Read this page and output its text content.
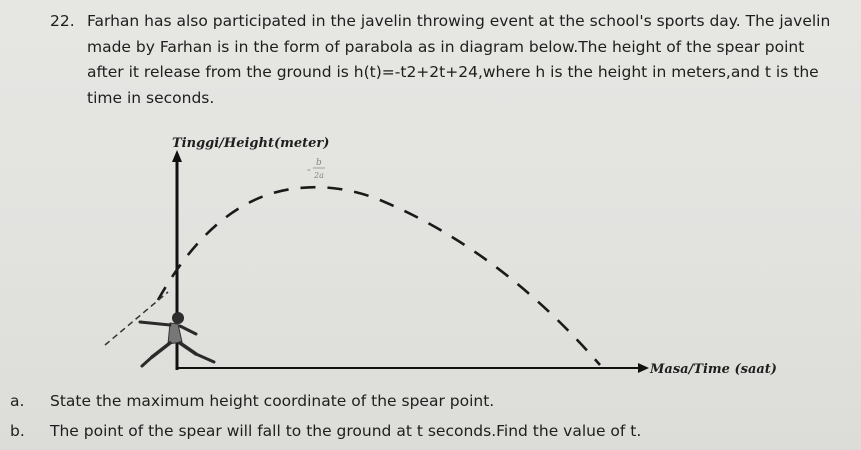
22. Farhan has also participated in the javelin throwing event at the school's sports day. The javelin
made by Farhan is in the form of parabola as in diagram below.The height of the spear point
after it release from the ground is h(t)=-t2+2t+24,where h is the height in meters,and t is the
time in seconds.
Tinggi/Height(meter)
Masa/Time (saat)
- b
2a
a. State the maximum height coordinate of the spear point.
b. The point of the spear will fall to the ground at t seconds.Find the value of t.
